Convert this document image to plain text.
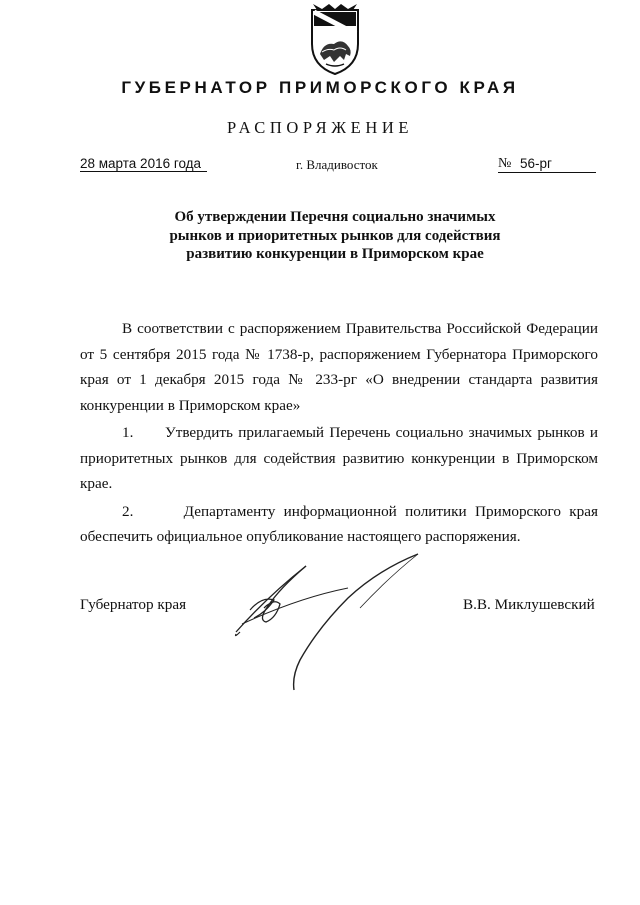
ГУБЕРНАТОР ПРИМОРСКОГО КРАЯ
РАСПОРЯЖЕНИЕ
28 марта 2016 года	г. Владивосток	№ 56-рг
Об утверждении Перечня социально значимых
рынков и приоритетных рынков для содействия
развитию конкуренции в Приморском крае

В соответствии с распоряжением Правительства Российской Федерации от 5 сентября 2015 года № 1738-р, распоряжением Губернатора Приморского края от 1 декабря 2015 года № 233-рг «О внедрении стандарта развития конкуренции в Приморском крае»

1. Утвердить прилагаемый Перечень социально значимых рынков и приоритетных рынков для содействия развитию конкуренции в Приморском крае.

2.	Департаменту информационной политики Приморского края обеспечить официальное опубликование настоящего распоряжения.

Губернатор края	В.В. Миклушевский
